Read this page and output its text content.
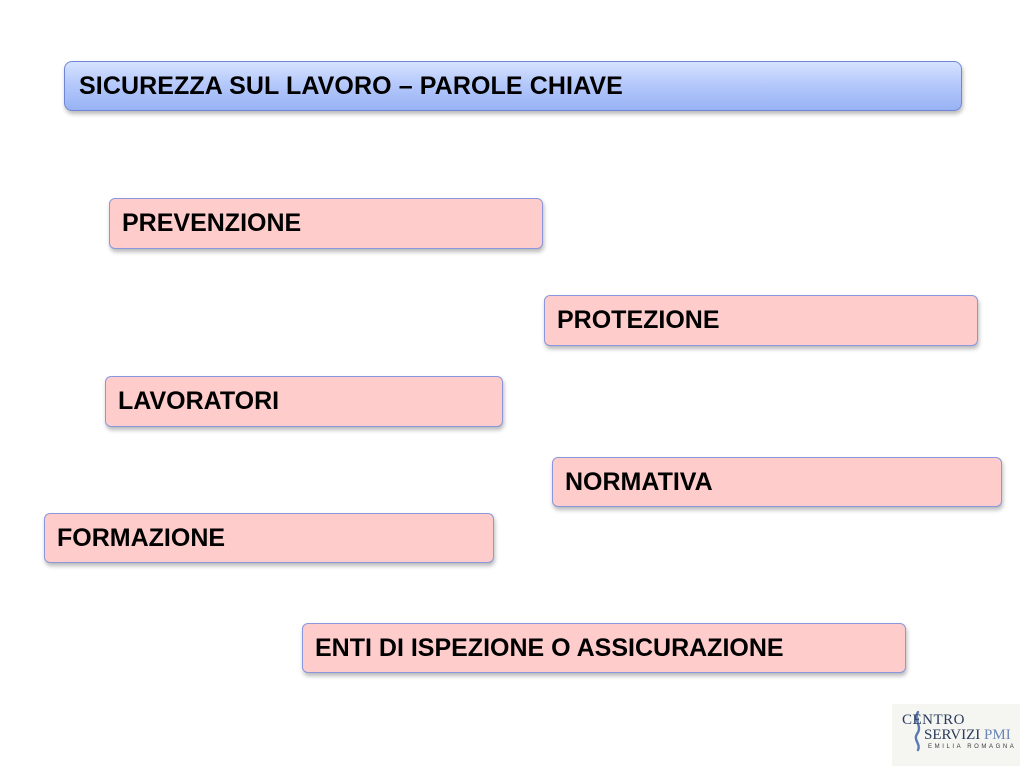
SICUREZZA SUL LAVORO – PAROLE CHIAVE
PREVENZIONE
PROTEZIONE
LAVORATORI
NORMATIVA
FORMAZIONE
ENTI DI ISPEZIONE O ASSICURAZIONE
CENTRO
SERVIZI PMI
EMILIA ROMAGNA
